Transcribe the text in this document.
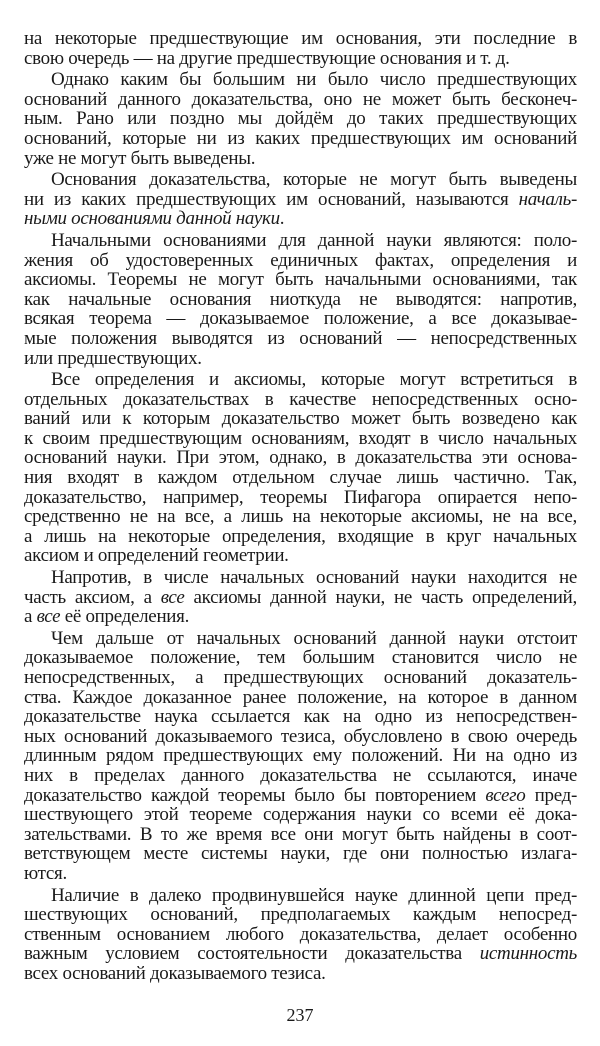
на некоторые предшествующие им основания, эти последние в
свою очередь — на другие предшествующие основания и т. д.
Однако каким бы большим ни было число предшествующих
оснований данного доказательства, оно не может быть бесконеч-
ным. Рано или поздно мы дойдём до таких предшествующих
оснований, которые ни из каких предшествующих им оснований
уже не могут быть выведены.
Основания доказательства, которые не могут быть выведены
ни из каких предшествующих им оснований, называются началь-
ными основаниями данной науки.
Начальными основаниями для данной науки являются: поло-
жения об удостоверенных единичных фактах, определения и
аксиомы. Теоремы не могут быть начальными основаниями, так
как начальные основания ниоткуда не выводятся: напротив,
всякая теорема — доказываемое положение, а все доказывае-
мые положения выводятся из оснований — непосредственных
или предшествующих.
Все определения и аксиомы, которые могут встретиться в
отдельных доказательствах в качестве непосредственных осно-
ваний или к которым доказательство может быть возведено как
к своим предшествующим основаниям, входят в число начальных
оснований науки. При этом, однако, в доказательства эти основа-
ния входят в каждом отдельном случае лишь частично. Так,
доказательство, например, теоремы Пифагора опирается непо-
средственно не на все, а лишь на некоторые аксиомы, не на все,
а лишь на некоторые определения, входящие в круг начальных
аксиом и определений геометрии.
Напротив, в числе начальных оснований науки находится не
часть аксиом, а все аксиомы данной науки, не часть определений,
а все её определения.
Чем дальше от начальных оснований данной науки отстоит
доказываемое положение, тем большим становится число не
непосредственных, а предшествующих оснований доказатель-
ства. Каждое доказанное ранее положение, на которое в данном
доказательстве наука ссылается как на одно из непосредствен-
ных оснований доказываемого тезиса, обусловлено в свою очередь
длинным рядом предшествующих ему положений. Ни на одно из
них в пределах данного доказательства не ссылаются, иначе
доказательство каждой теоремы было бы повторением всего пред-
шествующего этой теореме содержания науки со всеми её дока-
зательствами. В то же время все они могут быть найдены в соот-
ветствующем месте системы науки, где они полностью излага-
ются.
Наличие в далеко продвинувшейся науке длинной цепи пред-
шествующих оснований, предполагаемых каждым непосред-
ственным основанием любого доказательства, делает особенно
важным условием состоятельности доказательства истинность
всех оснований доказываемого тезиса.
237
